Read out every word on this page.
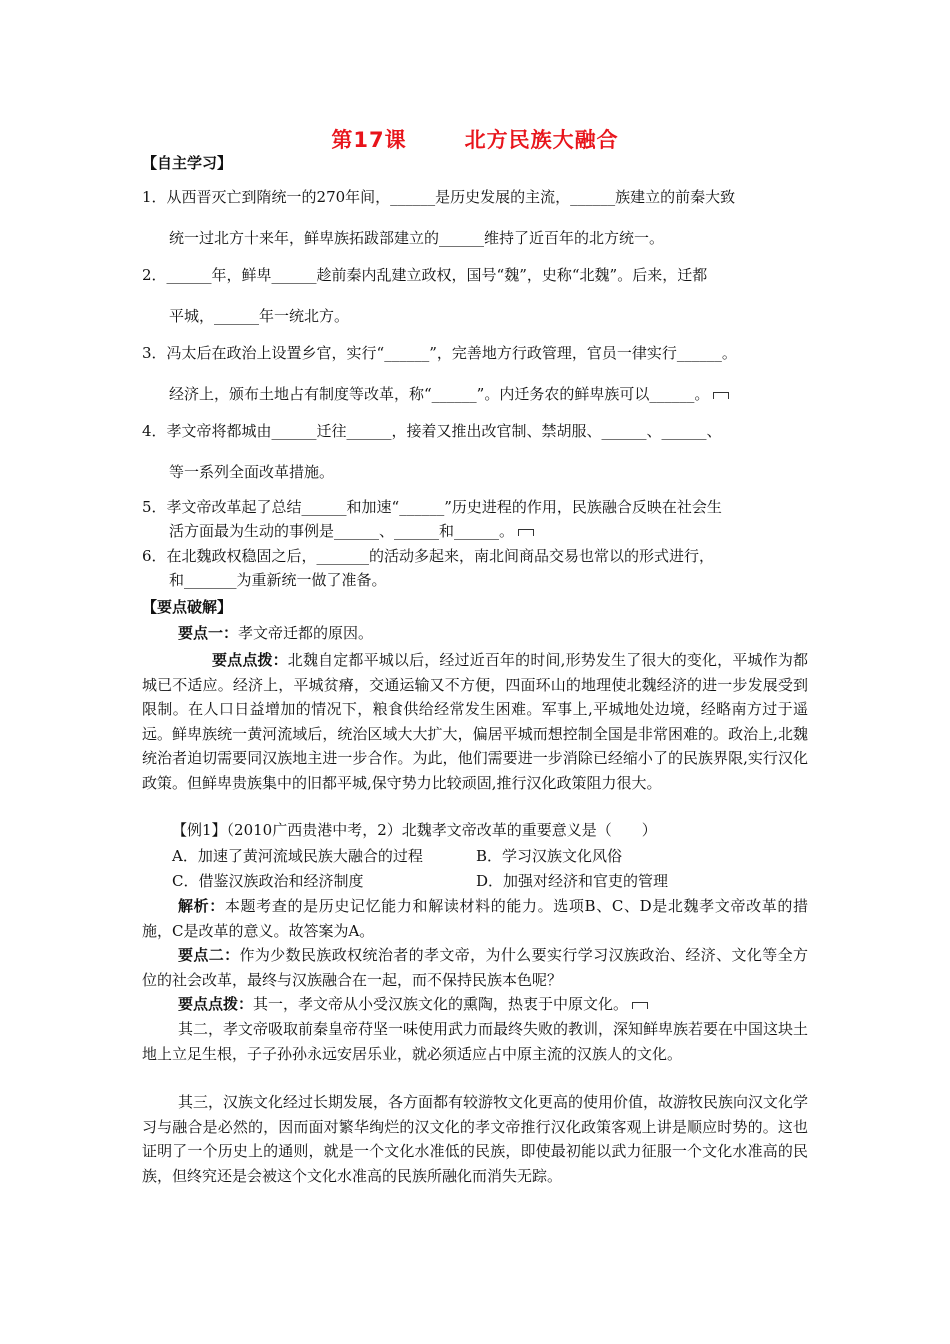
第17课	北方民族大融合
【自主学习】
1．从西晋灭亡到隋统一的270年间，______是历史发展的主流，______族建立的前秦大致
统一过北方十来年，鲜卑族拓跋部建立的______维持了近百年的北方统一。
2．______年，鲜卑______趁前秦内乱建立政权，国号“魏”，史称“北魏”。后来，迁都
平城，______年一统北方。
3．冯太后在政治上设置乡官，实行“______”，完善地方行政管理，官员一律实行______。
经济上，颁布土地占有制度等改革，称“______”。内迁务农的鲜卑族可以______。
4．孝文帝将都城由______迁往______，接着又推出改官制、禁胡服、______、______、
等一系列全面改革措施。
5．孝文帝改革起了总结______和加速“______”历史进程的作用，民族融合反映在社会生
活方面最为生动的事例是______、______和______。
6．在北魏政权稳固之后，_______的活动多起来，南北间商品交易也常以的形式进行，
和_______为重新统一做了准备。
【要点破解】
要点一：孝文帝迁都的原因。
要点点拨：北魏自定都平城以后，经过近百年的时间,形势发生了很大的变化，平城作为都城已不适应。经济上，平城贫瘠，交通运输又不方便，四面环山的地理使北魏经济的进一步发展受到限制。在人口日益增加的情况下，粮食供给经常发生困难。军事上,平城地处边境，经略南方过于遥远。鲜卑族统一黄河流域后，统治区域大大扩大，偏居平城而想控制全国是非常困难的。政治上,北魏统治者迫切需要同汉族地主进一步合作。为此，他们需要进一步消除已经缩小了的民族界限,实行汉化政策。但鲜卑贵族集中的旧都平城,保守势力比较顽固,推行汉化政策阻力很大。
【例1】（2010广西贵港中考，2）北魏孝文帝改革的重要意义是（　　）
A．加速了黄河流域民族大融合的过程	B．学习汉族文化风俗
C．借鉴汉族政治和经济制度	D．加强对经济和官吏的管理
解析：本题考查的是历史记忆能力和解读材料的能力。选项B、C、D是北魏孝文帝改革的措施，C是改革的意义。故答案为A。
要点二：作为少数民族政权统治者的孝文帝，为什么要实行学习汉族政治、经济、文化等全方位的社会改革，最终与汉族融合在一起，而不保持民族本色呢？
要点点拨：其一，孝文帝从小受汉族文化的熏陶，热衷于中原文化。
其二，孝文帝吸取前秦皇帝苻坚一味使用武力而最终失败的教训，深知鲜卑族若要在中国这块土地上立足生根，子子孙孙永远安居乐业，就必须适应占中原主流的汉族人的文化。
其三，汉族文化经过长期发展，各方面都有较游牧文化更高的使用价值，故游牧民族向汉文化学习与融合是必然的，因而面对繁华绚烂的汉文化的孝文帝推行汉化政策客观上讲是顺应时势的。这也证明了一个历史上的通则，就是一个文化水准低的民族，即使最初能以武力征服一个文化水准高的民族，但终究还是会被这个文化水准高的民族所融化而消失无踪。
